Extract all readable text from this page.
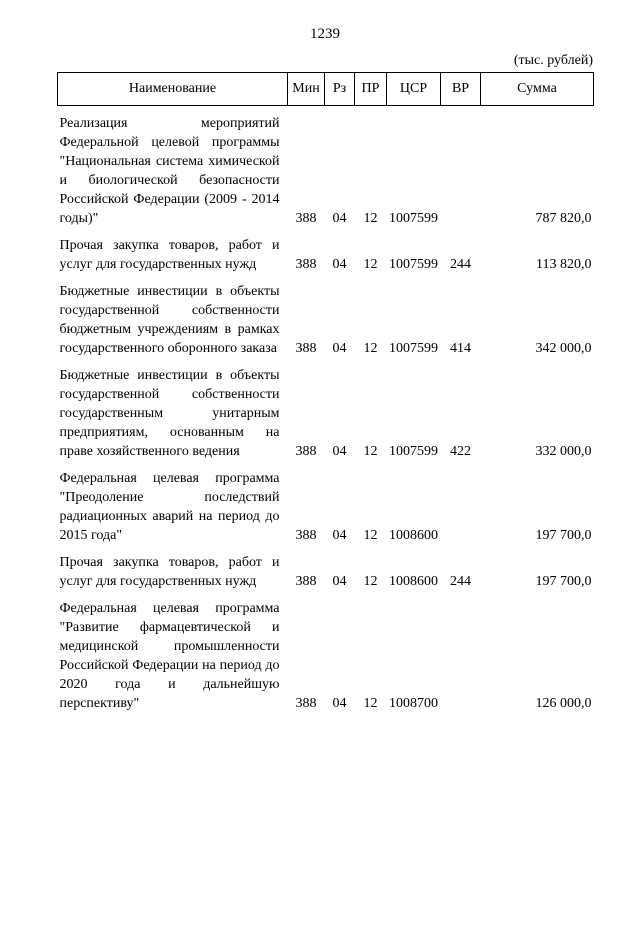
1239
(тыс. рублей)
Наименование	Мин	Рз	ПР	ЦСР	ВР	Сумма
Реализация мероприятий Федеральной целевой программы "Национальная система химической и биологической безопасности Российской Федерации (2009 - 2014 годы)"	388	04	12	1007599		787 820,0
Прочая закупка товаров, работ и услуг для государственных нужд	388	04	12	1007599	244	113 820,0
Бюджетные инвестиции в объекты государственной собственности бюджетным учреждениям в рамках государственного оборонного заказа	388	04	12	1007599	414	342 000,0
Бюджетные инвестиции в объекты государственной собственности государственным унитарным предприятиям, основанным на праве хозяйственного ведения	388	04	12	1007599	422	332 000,0
Федеральная целевая программа "Преодоление последствий радиационных аварий на период до 2015 года"	388	04	12	1008600		197 700,0
Прочая закупка товаров, работ и услуг для государственных нужд	388	04	12	1008600	244	197 700,0
Федеральная целевая программа "Развитие фармацевтической и медицинской промышленности Российской Федерации на период до 2020 года и дальнейшую перспективу"	388	04	12	1008700		126 000,0
